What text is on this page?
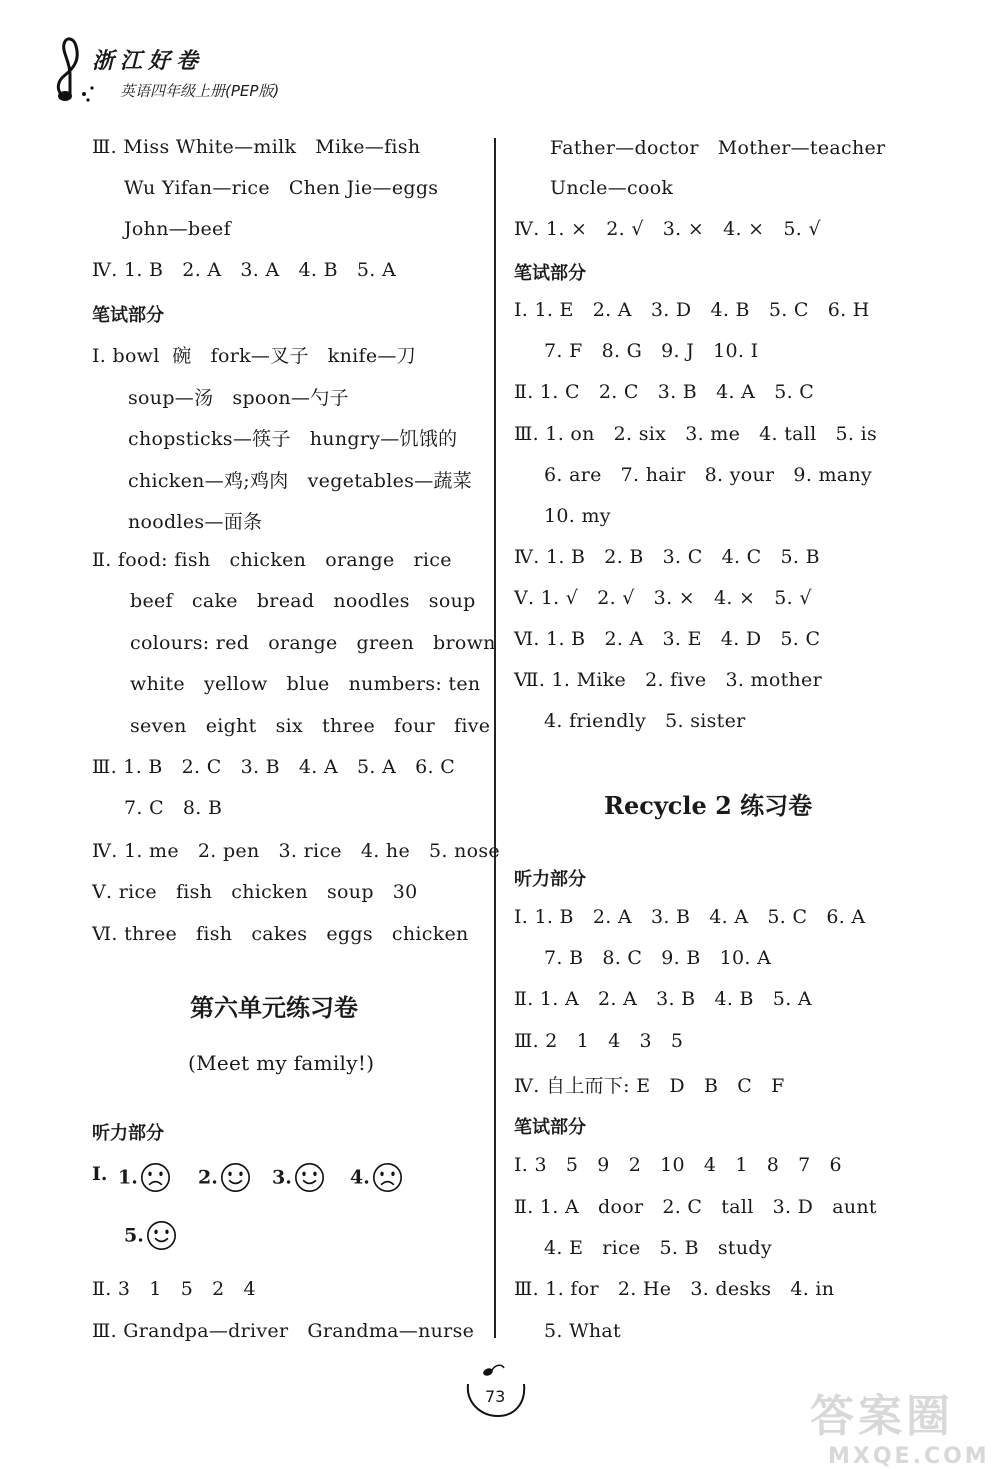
浙江好卷
英语四年级上册(PEP版)
Ⅲ. Miss White—milk   Mike—fish
Wu Yifan—rice   Chen Jie—eggs
John—beef
Ⅳ. 1. B   2. A   3. A   4. B   5. A
笔试部分
Ⅰ. bowl  碗   fork—叉子   knife—刀
soup—汤   spoon—勺子
chopsticks—筷子   hungry—饥饿的
chicken—鸡;鸡肉   vegetables—蔬菜
noodles—面条
Ⅱ. food: fish   chicken   orange   rice
beef   cake   bread   noodles   soup
colours: red   orange   green   brown
white   yellow   blue   numbers: ten
seven   eight   six   three   four   five
Ⅲ. 1. B   2. C   3. B   4. A   5. A   6. C
7. C   8. B
Ⅳ. 1. me   2. pen   3. rice   4. he   5. nose
Ⅴ. rice   fish   chicken   soup   30
Ⅵ. three   fish   cakes   eggs   chicken
第六单元练习卷
(Meet my family!)
听力部分
Ⅰ. 1.	2.	3.	4.
5.
Ⅱ. 3   1   5   2   4
Ⅲ. Grandpa—driver   Grandma—nurse
Father—doctor   Mother—teacher
Uncle—cook
Ⅳ. 1. ×   2. √   3. ×   4. ×   5. √
笔试部分
Ⅰ. 1. E   2. A   3. D   4. B   5. C   6. H
7. F   8. G   9. J   10. I
Ⅱ. 1. C   2. C   3. B   4. A   5. C
Ⅲ. 1. on   2. six   3. me   4. tall   5. is
6. are   7. hair   8. your   9. many
10. my
Ⅳ. 1. B   2. B   3. C   4. C   5. B
Ⅴ. 1. √   2. √   3. ×   4. ×   5. √
Ⅵ. 1. B   2. A   3. E   4. D   5. C
Ⅶ. 1. Mike   2. five   3. mother
4. friendly   5. sister
Recycle 2 练习卷
听力部分
Ⅰ. 1. B   2. A   3. B   4. A   5. C   6. A
7. B   8. C   9. B   10. A
Ⅱ. 1. A   2. A   3. B   4. B   5. A
Ⅲ. 2   1   4   3   5
Ⅳ. 自上而下: E   D   B   C   F
笔试部分
Ⅰ. 3   5   9   2   10   4   1   8   7   6
Ⅱ. 1. A   door   2. C   tall   3. D   aunt
4. E   rice   5. B   study
Ⅲ. 1. for   2. He   3. desks   4. in
5. What
73	答案圈
MXQE.COM
